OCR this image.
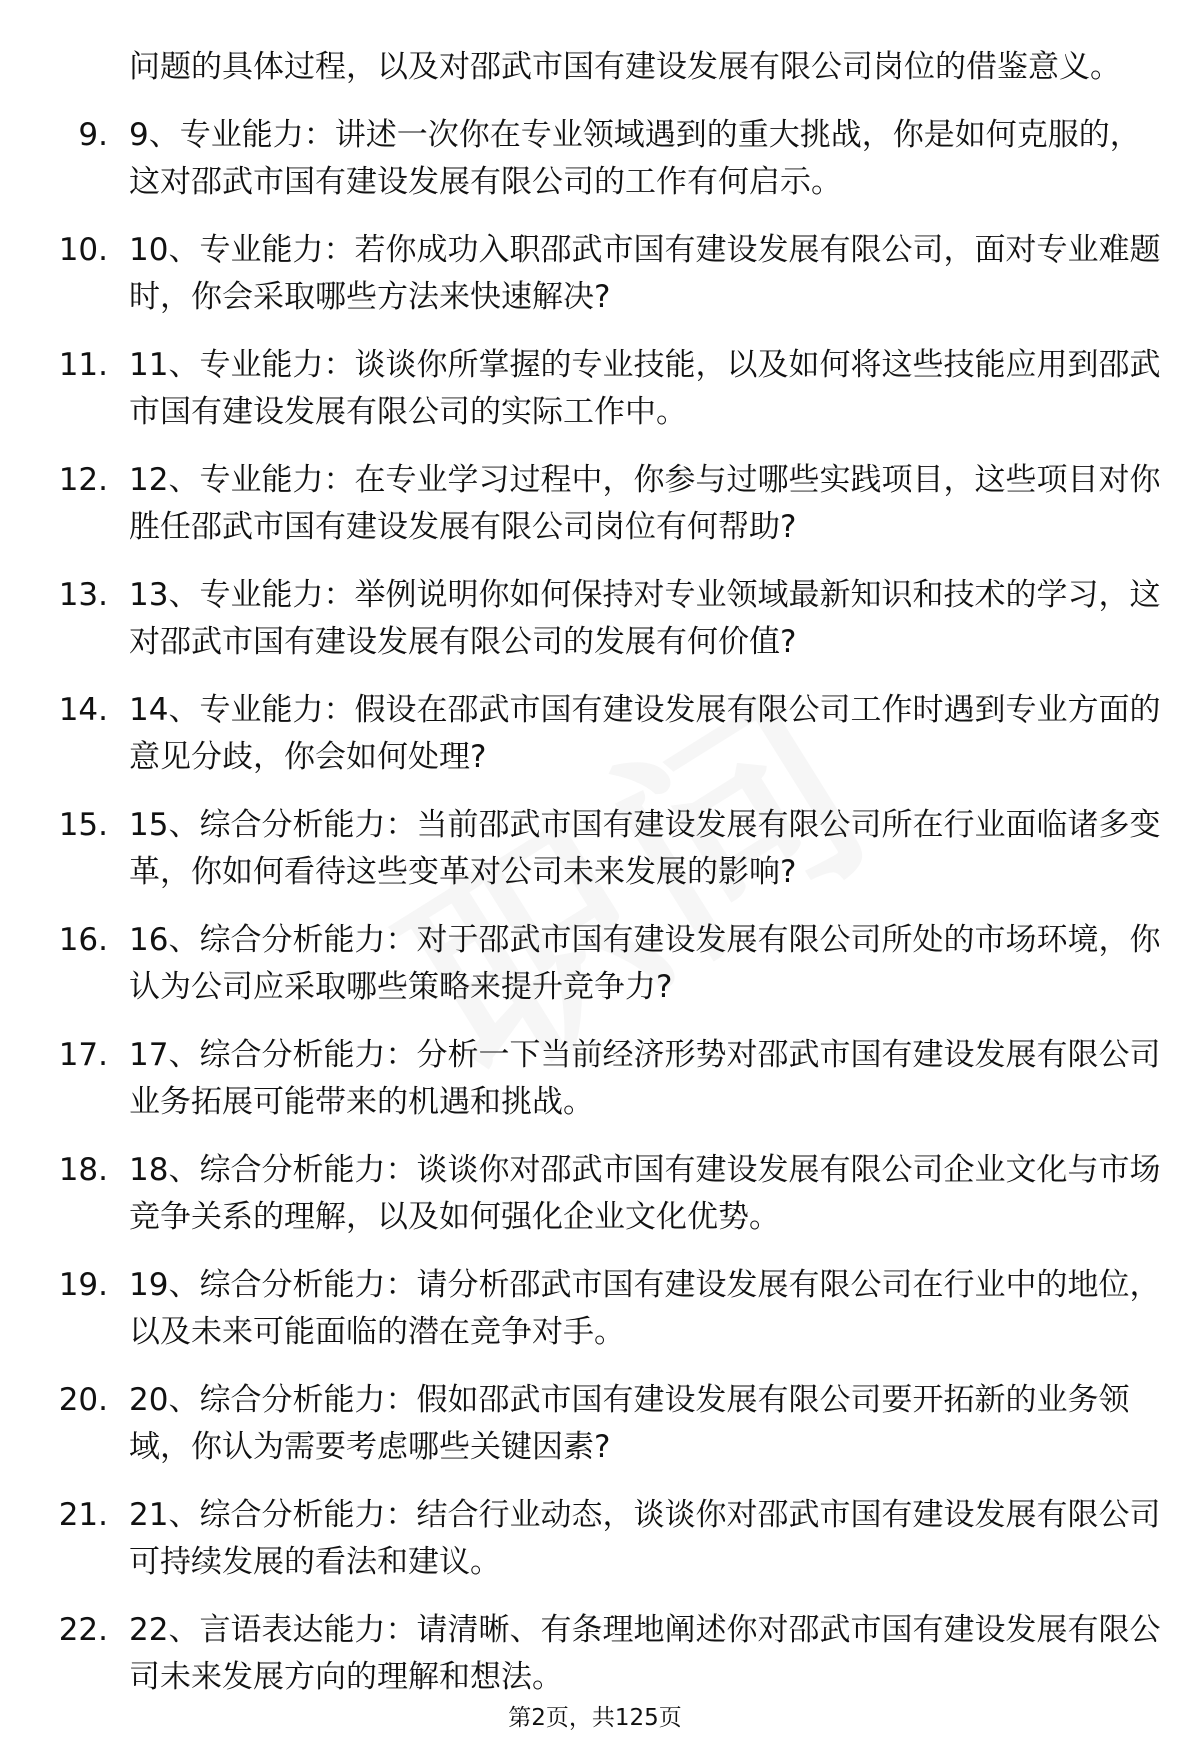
问题的具体过程，以及对邵武市国有建设发展有限公司岗位的借鉴意义。
9. 9、专业能力：讲述一次你在专业领域遇到的重大挑战，你是如何克服的，这对邵武市国有建设发展有限公司的工作有何启示。
10. 10、专业能力：若你成功入职邵武市国有建设发展有限公司，面对专业难题时，你会采取哪些方法来快速解决?
11. 11、专业能力：谈谈你所掌握的专业技能，以及如何将这些技能应用到邵武市国有建设发展有限公司的实际工作中。
12. 12、专业能力：在专业学习过程中，你参与过哪些实践项目，这些项目对你胜任邵武市国有建设发展有限公司岗位有何帮助?
13. 13、专业能力：举例说明你如何保持对专业领域最新知识和技术的学习，这对邵武市国有建设发展有限公司的发展有何价值?
14. 14、专业能力：假设在邵武市国有建设发展有限公司工作时遇到专业方面的意见分歧，你会如何处理?
15. 15、综合分析能力：当前邵武市国有建设发展有限公司所在行业面临诸多变革，你如何看待这些变革对公司未来发展的影响?
16. 16、综合分析能力：对于邵武市国有建设发展有限公司所处的市场环境，你认为公司应采取哪些策略来提升竞争力?
17. 17、综合分析能力：分析一下当前经济形势对邵武市国有建设发展有限公司业务拓展可能带来的机遇和挑战。
18. 18、综合分析能力：谈谈你对邵武市国有建设发展有限公司企业文化与市场竞争关系的理解，以及如何强化企业文化优势。
19. 19、综合分析能力：请分析邵武市国有建设发展有限公司在行业中的地位，以及未来可能面临的潜在竞争对手。
20. 20、综合分析能力：假如邵武市国有建设发展有限公司要开拓新的业务领域，你认为需要考虑哪些关键因素?
21. 21、综合分析能力：结合行业动态，谈谈你对邵武市国有建设发展有限公司可持续发展的看法和建议。
22. 22、言语表达能力：请清晰、有条理地阐述你对邵武市国有建设发展有限公司未来发展方向的理解和想法。
第2页，共125页
